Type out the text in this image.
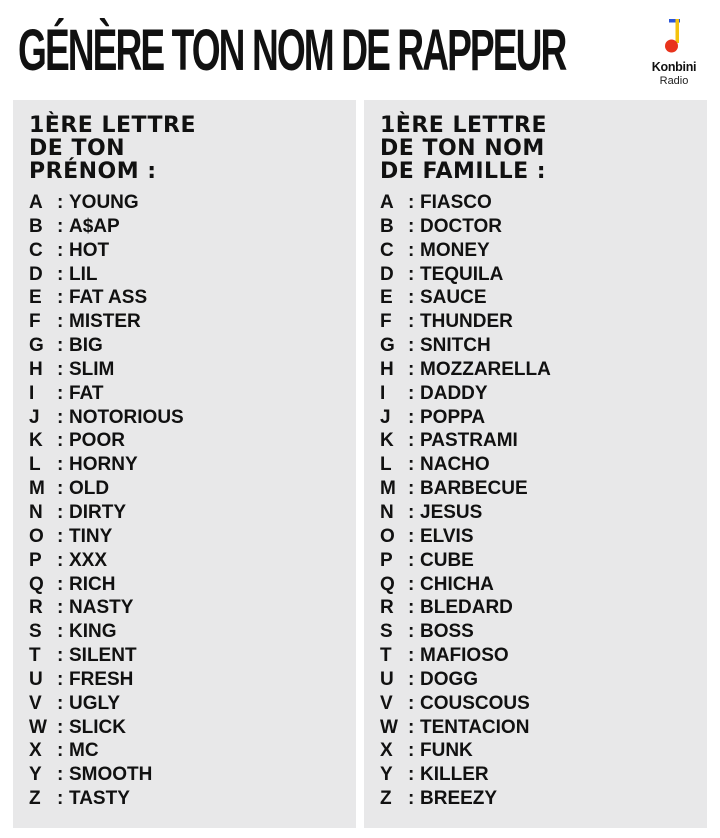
GÉNÈRE TON NOM DE RAPPEUR	Konbini
Radio
1ÈRE LETTRE
DE TON
PRÉNOM :
A : YOUNG
B : A$AP
C : HOT
D : LIL
E : FAT ASS
F : MISTER
G : BIG
H : SLIM
I	: FAT
J : NOTORIOUS
K : POOR
L : HORNY
M : OLD
N : DIRTY
O : TINY
P : XXX
Q : RICH
R : NASTY
S : KING
T : SILENT
U : FRESH
V : UGLY
W : SLICK
X : MC
Y : SMOOTH
Z : TASTY
1ÈRE LETTRE
DE TON NOM
DE FAMILLE :
A : FIASCO
B : DOCTOR
C : MONEY
D : TEQUILA
E : SAUCE
F : THUNDER
G : SNITCH
H : MOZZARELLA
I	: DADDY
J : POPPA
K : PASTRAMI
L : NACHO
M : BARBECUE
N : JESUS
O : ELVIS
P : CUBE
Q : CHICHA
R : BLEDARD
S : BOSS
T : MAFIOSO
U : DOGG
V : COUSCOUS
W : TENTACION
X : FUNK
Y : KILLER
Z : BREEZY
